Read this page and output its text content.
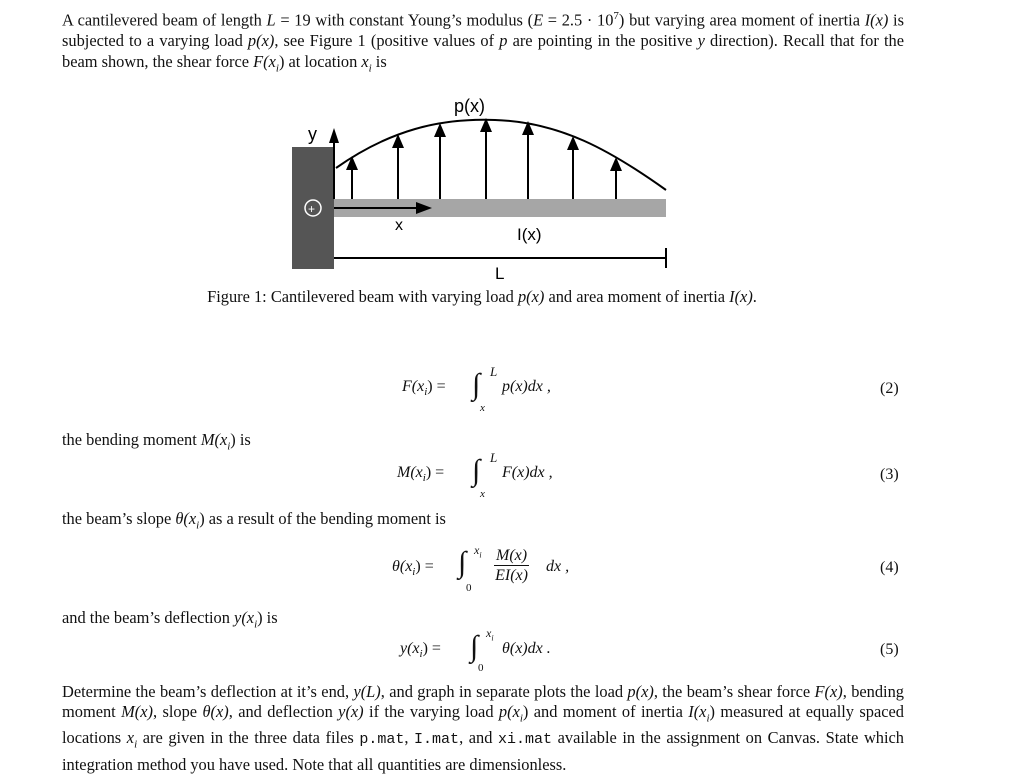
A cantilevered beam of length L = 19 with constant Young’s modulus $(E = 2.5 \cdot 10^7)$ but varying area moment of inertia I(x) is subjected to a varying load p(x), see Figure 1 (positive values of p are pointing in the positive y direction). Recall that for the beam shown, the shear force $F(x_i)$ at location $x_i$ is
y
x
+
p(x)
I(x)
L
Figure 1: Cantilevered beam with varying load p(x) and area moment of inertia I(x).
$F(x_i)$ = ∫ L
x
p(x)dx ,	(2)
the bending moment $M(x_i)$ is
$M(x_i)$ = ∫ L
x
F(x)dx ,	(3)
the beam’s slope $\theta(x_i)$ as a result of the bending moment is
$\theta(x_i)$ = ∫ $x_i$
0
$\frac{M(x)}{EI(x)}$ dx ,	(4)
and the beam’s deflection $y(x_i)$ is
$y(x_i)$ = ∫ $x_i$
0
θ(x)dx .	(5)
Determine the beam’s deflection at it’s end, y(L), and graph in separate plots the load p(x), the beam’s shear force F(x), bending moment M(x), slope θ(x), and deflection y(x) if the varying load $p(x_i)$ and moment of inertia $I(x_i)$ measured at equally spaced locations $x_i$ are given in the three data files p.mat, I.mat, and xi.mat available in the assignment on Canvas. State which integration method you have used. Note that all quantities are dimensionless.
